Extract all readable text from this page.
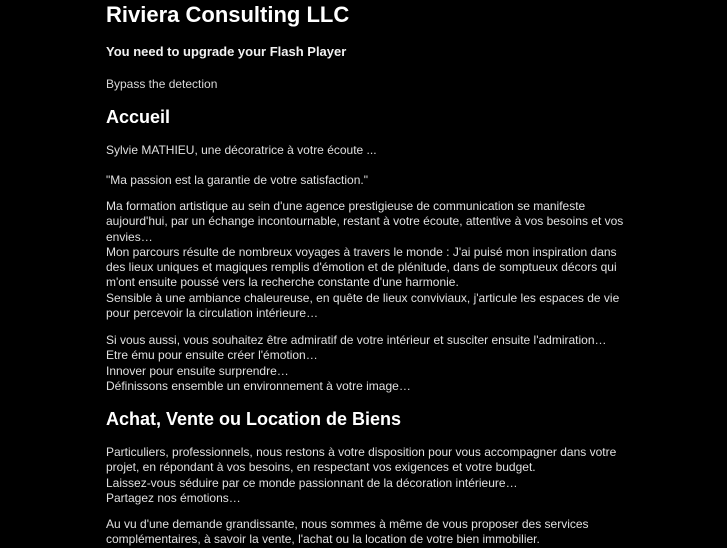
Riviera Consulting LLC
You need to upgrade your Flash Player
Bypass the detection
Accueil

Sylvie MATHIEU, une décoratrice à votre écoute ...

"Ma passion est la garantie de votre satisfaction."

Ma formation artistique au sein d'une agence prestigieuse de communication se manifeste aujourd'hui, par un échange incontournable, restant à votre écoute, attentive à vos besoins et vos envies…
Mon parcours résulte de nombreux voyages à travers le monde : J'ai puisé mon inspiration dans des lieux uniques et magiques remplis d'émotion et de plénitude, dans de somptueux décors qui m'ont ensuite poussé vers la recherche constante d'une harmonie.
Sensible à une ambiance chaleureuse, en quête de lieux conviviaux, j'articule les espaces de vie pour percevoir la circulation intérieure…

Si vous aussi, vous souhaitez être admiratif de votre intérieur et susciter ensuite l'admiration…
Etre ému pour ensuite créer l'émotion…
Innover pour ensuite surprendre…
Définissons ensemble un environnement à votre image…

Achat, Vente ou Location de Biens

Particuliers, professionnels, nous restons à votre disposition pour vous accompagner dans votre projet, en répondant à vos besoins, en respectant vos exigences et votre budget.
Laissez-vous séduire par ce monde passionnant de la décoration intérieure…
Partagez nos émotions…

Au vu d'une demande grandissante, nous sommes à même de vous proposer des services complémentaires, à savoir la vente, l'achat ou la location de votre bien immobilier.
